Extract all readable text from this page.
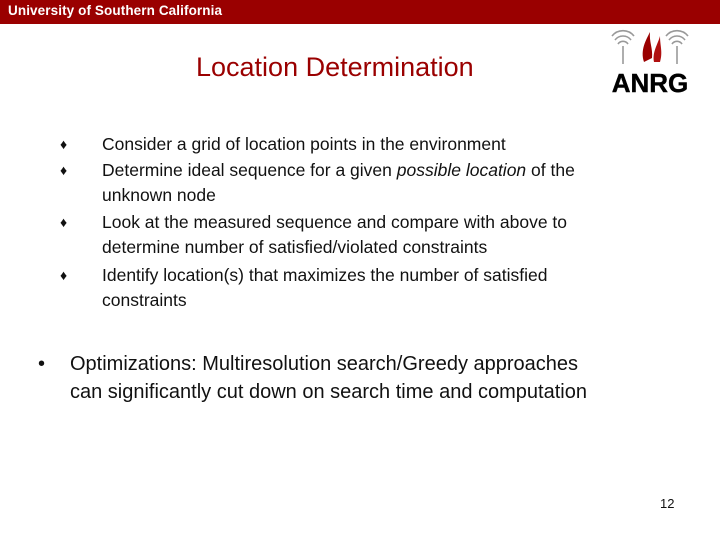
University of Southern California
Location Determination
ANRG
♦ Consider a grid of location points in the environment
♦ Determine ideal sequence for a given possible location of the
unknown node
♦ Look at the measured sequence and compare with above to
determine number of satisfied/violated constraints
♦ Identify location(s) that maximizes the number of satisfied
constraints
• Optimizations: Multiresolution search/Greedy approaches
can significantly cut down on search time and computation
12
